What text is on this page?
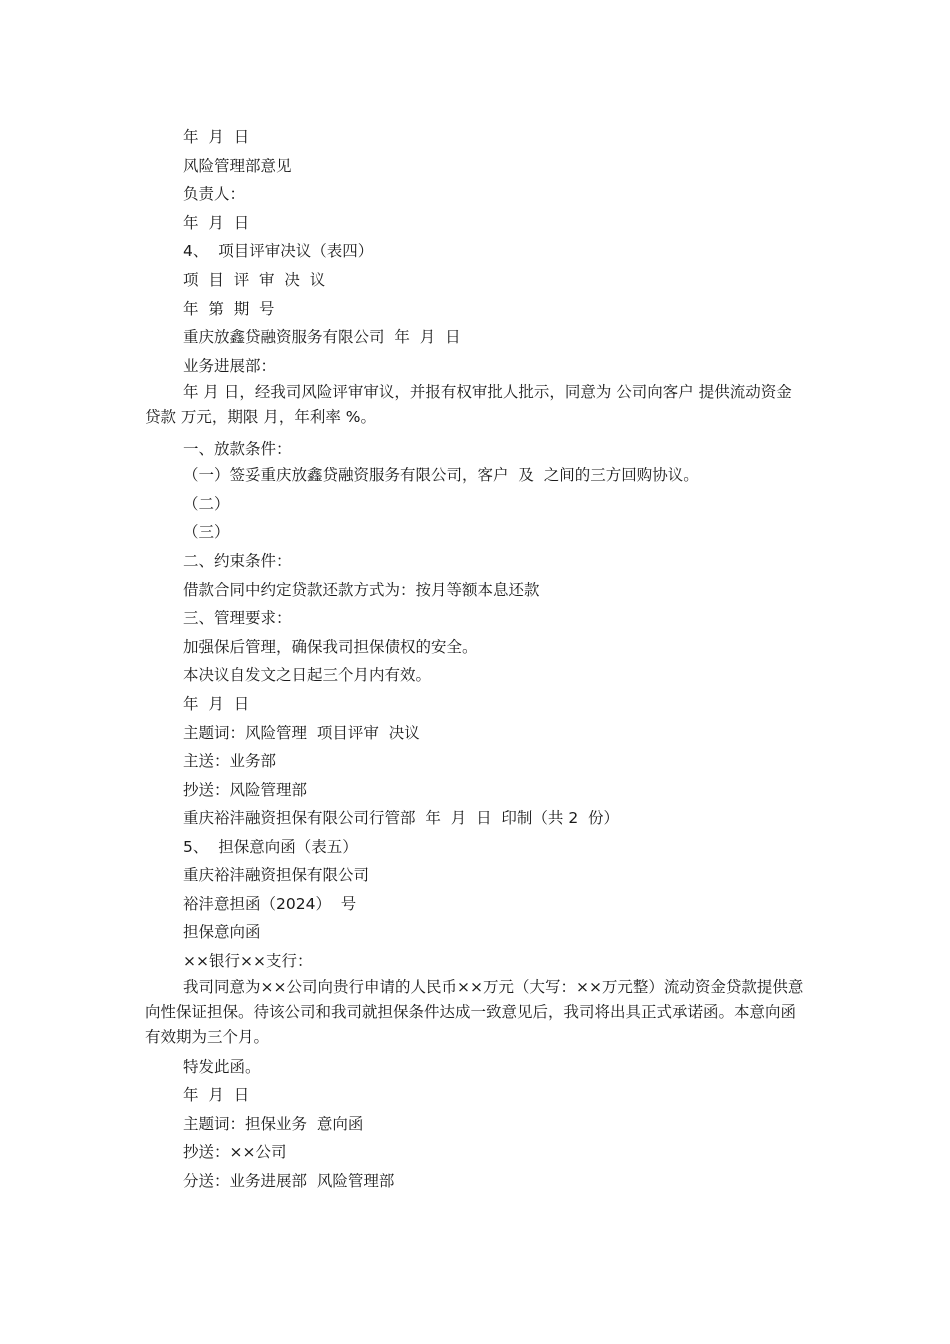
年  月  日
风险管理部意见
负责人：
年  月  日
4、  项目评审决议（表四）
项  目  评  审  决  议
年  第  期  号
重庆放鑫贷融资服务有限公司  年  月  日
业务进展部：
年 月 日，经我司风险评审审议，并报有权审批人批示，同意为 公司向客户 提供流动资金贷款 万元，期限 月，年利率 %。
一、放款条件：
（一）签妥重庆放鑫贷融资服务有限公司，客户  及  之间的三方回购协议。
（二）
（三）
二、约束条件：
借款合同中约定贷款还款方式为：按月等额本息还款
三、管理要求：
加强保后管理，确保我司担保债权的安全。
本决议自发文之日起三个月内有效。
年  月  日
主题词：风险管理  项目评审  决议
主送：业务部
抄送：风险管理部
重庆裕沣融资担保有限公司行管部  年  月  日  印制（共 2  份）
5、  担保意向函（表五）
重庆裕沣融资担保有限公司
裕沣意担函（2024）  号
担保意向函
××银行××支行：
我司同意为××公司向贵行申请的人民币××万元（大写：××万元整）流动资金贷款提供意向性保证担保。待该公司和我司就担保条件达成一致意见后，我司将出具正式承诺函。本意向函有效期为三个月。
特发此函。
年  月  日
主题词：担保业务  意向函
抄送：××公司
分送：业务进展部  风险管理部
